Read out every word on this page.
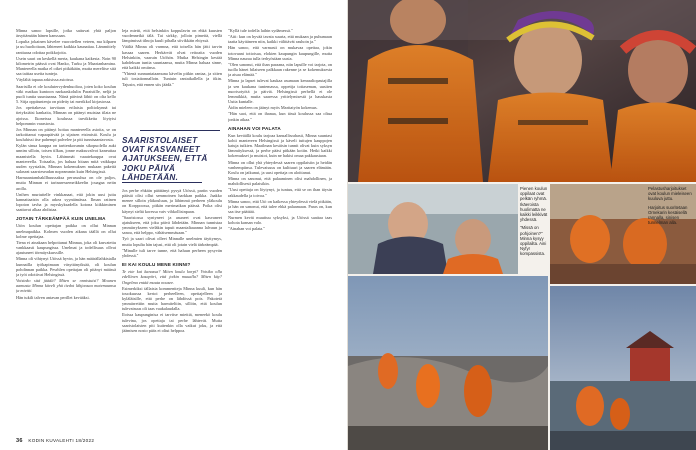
Minna sanoo lapsille, jotka sattuvat yhtä paljon ärsyttämään hänen kanssaan.

Lopulta jokainen kävelee vuorotellen veteen, ma kilpaen ja uu huoltoitaan, lähteneet kaikkia kaunatiaa. Lämmittely ranttaasa odottaa poikkojoita.

Usein saari on keskellä merta, kaukana kaikesta. Noin 90 kilometrin päässä ovat Hanko, Turku ja Maarianhamina. Mantereella matka el oikei pitkäkään, mutta merelitse sitä saa taittaa useita tunteja.

Väylältä tapaaa arkisissa asioissa.

Saaristlla ei ole koulutervydenhuoltoa, joten koko koulun väki matkaa kuntoon narkaaskolulin Paraistille, neljä ja puoli tuntia suuntaansa. Niinä päivinä lähtö on olta kello 5. Sitja oppituntenja on pidetty tai merikkol kirjastossa.

Jos opettakessa tarvitaan erilaisia polttokynnä tai tietyksiäisi kankaita, Minnan on pitänyt muistaa tilata ne ajoissa. Ikoneissa koulussa tarvikkeita löytyisi helpommin varastosta.

Jos Minnan on pitänyt hoitaa mantereella asioita, se on tarkoittanut vapaapäivää ja sijaisen etsimistä. Koulu ja kouluhissi itse pahempi palvelee ja piti tunnisaantavosta.

Kylän sinua kauppa on tarttenkorumin sikopuolella aukt unnim silloin, toisen tilkan, jonne maksuvalvot kaneuttaa maanistella hyvin. Lähimmät vaaatekauppa ovat mantereella. Toisaalta, jos haluaa hitaan mitä vaikkapa uuden syystakin, Minnan kokemuksen mukaan pakeitä sulaseat saarsteseadan nopeammin kuin Helsingissä.

Harmaantamhakllhuussaksa perussuhsa on ole paljos, mutta Minnan ei tarinaressemeikkeelin jouagaa neitn arolla.

Unihen murtuttelle vinkkanaat, että jokin uusi juttu kannattaaisin olla arkea syyntämässa. Ilman ratinen lopoton tavha ja myrskyksadella kotona kiikkiminen saattavat alkaa ahdistaa.

JOTAIN TÄRKEÄMPÄÄ KUIN UNELMA

Utön koulun opettajan paikka on ollut Minnan unelmapaikka. Kolmen vuoden aikana täällä on ollut kolme opettajaa.

Tiena ei ainakaan helpottanut Minnaa, joka oli kasvatettu vankkaasti kaupungissa. Unelmat ja todellisuus ollvat ajautuneet törmäyskurssille.

Minna oli vihtynyt Utössä hyvin, ja hän määrällahkistalla kunnailla työkapimaan väsyttänytksää, oli koulun pohdinnan paikka. Pesrhlen opettajan oli pitänyt määssä ja työt odottivat Helsingissä.

Voisinko sitä jäädä? Miten se onnistuisi? Mounen aamusta Minna käveli yhä tiedot lähjaosaa matemaansa ja miettii.

Hän tukili talven antavan perillet kevääksi.

leja mietti, että helsinkiin koppulavin on ehkä kuusten vuodenneikä tälä. Tai sirkky, jolloin pimeitä, viellä lämpimissä tilnoja kuuli pihalla siivikkäin ehtyssä.

Vääliä Minna oli varmna, että toisella hän jätti tarvin kassaa saaren. Herkärvät olvat reitoaita vuoden Helsinkiin, vaaruin Utöhön. Mutka Helsingin kestää kahdeksan tuntia suuntaansa, mutta Minna haluaa sinne, että kaikki omiinsa.

"Yhtenä sunnuntaiaamuna kävelin pitkin rantaa, ja sitten tuli tosiaitonnalloin. Tuntuin rantaikallella ja itkin. Tajusin, että ennen siis jäädä."

SAARISTOLAISET OVAT KASVANEET AJATUKSEEN, ETTÄ JOKU PÄIVÄ LÄHDETÄÄN.

Jos perhe ehkäin päättänyt pysyä Utössä, partin vuoden päästä olisi ollut semmoinen harkkan paikka. Jaakko menee silloin yläkouluun, ja lähimmä perheen yläkoulu on Korppoossa, pitkän merimatkan päässä. Poika olisi käynyt sieltä koressa vaiv vihkollisinpaan.

"Saaristossa syntyneet ja asuneet ovat kasvaneet ajatukseen, että joku päivä lähdetään. Minnan tunnistaa ymmärrykseen vieläkin tapuit maantaltaaanna lalvaun ja sanoa, että helppo, vähäisemmäsaan."

Työ ja saari olivat olleet Minnalle unelmien täyttymys, mutta lopulta hän tajusi, että oli jotain vielä tärkeämpää.

"Minulle tuli tarve tunne, että haluun perheen pysyvän yhdessä."

EI KAI KOULU MENE KIINNI?

Te ette kai kanassa? Miten koulu korpi? Voisiko olla edellinen kasapiiri, että jotkin muualla? Miten käy? Ongelma entää muuta nousee.

Esimerkiksi tällaisia kommentteja Minna kuuli, kun hän touokuussa kertoi perheelleen, opettajelleen ja kyläläisille, että perhe on lähdössä pois. Pakotetä ymmärrettiin mutta harmiteltiin, sillöin, että koulun tulevaisuus oli taas vaakalaudalla.

Iloissa kaupunginisa ei tarvitse miettiä, meneekö koulu tulevina, jos opettaja tai perhe lähtevät. Mutta saaristolaisten piti kuitenkin olla vaikut joku, ja että jäämisen nosto pääs ei oliut helppoa.

"Kyllä tule todella laihin sydämessä."

"Aiti: kun on hyvää tavata suurta, että mukaan ja puhumaan taatta käyttäneen niin, kaikki välittävät rauhoin ja."

Hän sanoo, että varmasti on mukavaa opettaa, jokin totovaani tottoisaa, elokien kaupungin kaupungille, mutta Minna nauraa tulla terhyöstäan uusia.

"Olen sanonut, että ihan paraana, niin lapsille voi tarjota, on tuolla hänet hilaiseen palkkaan rakenne ja se kokemuksesta ja aisaa elämää."

Minna ja lapset tulevat kaukaa asumaan kenraaliopastajilla ja sen kaukana tuntemassa, oppettja totiaseman, uusiten nuorisotyötä ja päiviä. Helsingissä perhellä ei ole lemmikkiä, mutta saaressa yrittelymisestä ja hauskasta Uutta kuntalle.

Äidin mieleen on jäänyt myös Marttatyön kokemus.

"Hän saoi, että on ihanaa, kun tässä koulussa saa oltua jonkin aikaa."

AINAHAN VOI PALATA

Kun keväällä koulu tarjoaa kansallisrahasti, Minna suuntasi kohti mantereen Helsingissä ja käveli tuttujen kauppojen katuja tutkien. Maailman kesäisin tunnit olivat kuin syksyn lämmityksessä, ja perhe pääsi pitkään kotiin. Hetki kaikki kokemukset ja muistot, kuin ne hakisi omaa pakkaustaan.

Minna on ollut yhä yhteydessä saaren oppilaisiin ja heidän vanhempiinsa. Tulevaisuus on kulttuuri ja saaren elämään. Koulu on jatkunut, ja uusi opettaja on aloittanut.

Minna on sanonut, että palaaminen olisi mahdollinen, ja mahdollisesti palaisikin.

"Uusi opettaja on löytynyt, ja tuntuu, että se on ihan täysin rakkaudella ja toivoa."

Minna sanoo, että Utö on kaikessa yhteydessä vielä pitkään, ja hän on sanonut, että tulee ehkä palaamaan. Paras on, kun saa itse päättää.

Nurmen kevät muuttuu syksyksi, ja Utössä saattaa taas kohota kansan valo.

"Ainahan voi palata."

36 KODIN KUVALEHTI 18/2022

Pienen koulun oppilaat ovat pelkän ryhmä. Ikäeroista huolimatta ne kaikki leikkivät yhdessä.

"Missä on pohjoinen?" Minna kysyy oppilailta. Aini Nyfyr kompassista.

Pelastusharjoitukset ovat koulun mieleiseen kuuluva juttu.

Harjoitus suoritetaan Ornekarin kesäisellä rannalla, sinisen tunnelman alla.
